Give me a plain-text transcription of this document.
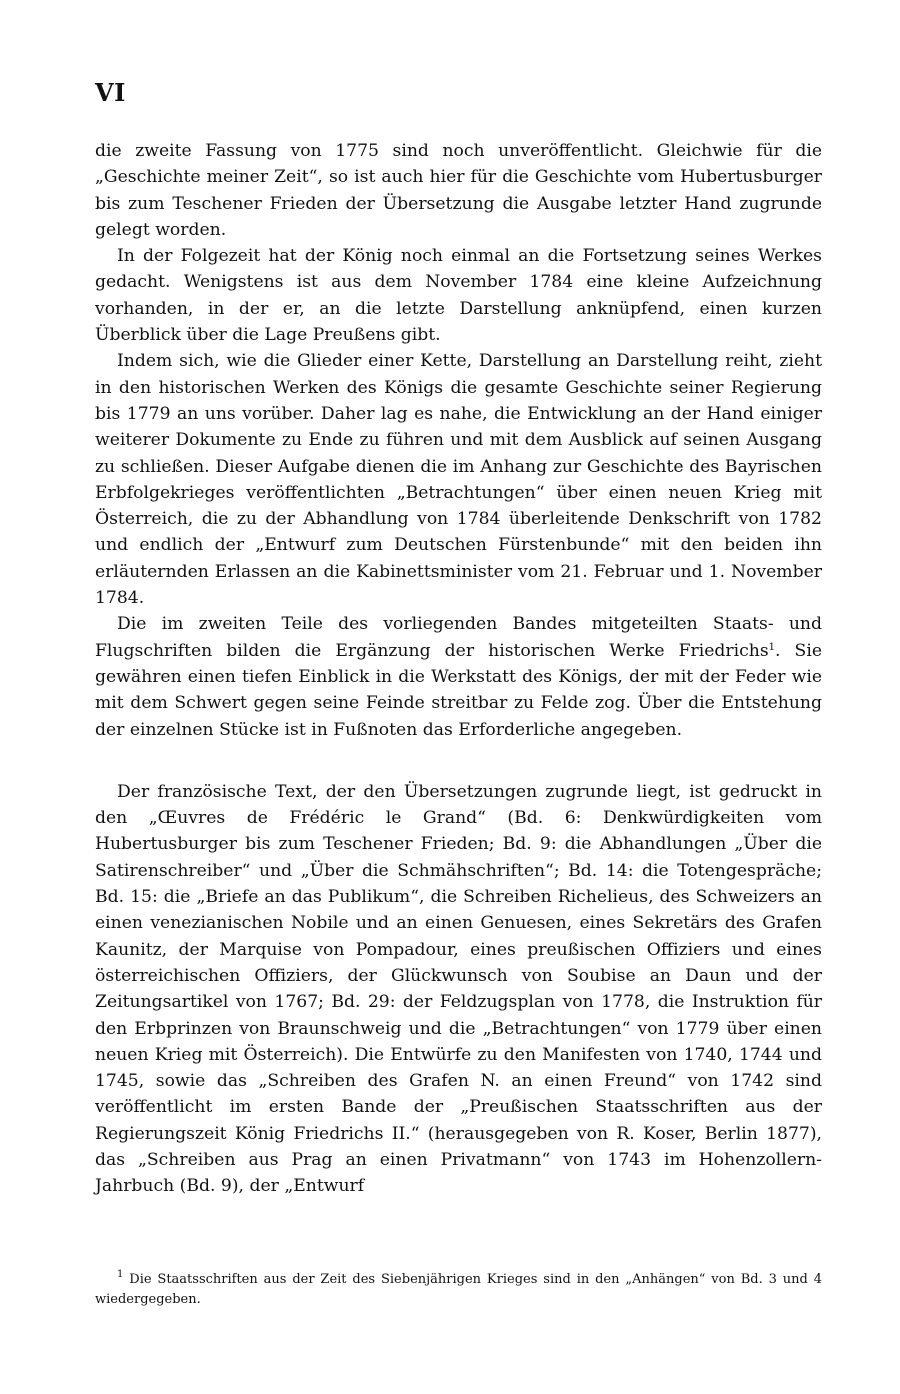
VI

die zweite Fassung von 1775 sind noch unveröffentlicht. Gleichwie für die „Geschichte meiner Zeit“, so ist auch hier für die Geschichte vom Hubertusburger bis zum Teschener Frieden der Übersetzung die Ausgabe letzter Hand zugrunde gelegt worden.

In der Folgezeit hat der König noch einmal an die Fortsetzung seines Werkes gedacht. Wenigstens ist aus dem November 1784 eine kleine Aufzeichnung vorhanden, in der er, an die letzte Darstellung anknüpfend, einen kurzen Überblick über die Lage Preußens gibt.

Indem sich, wie die Glieder einer Kette, Darstellung an Darstellung reiht, zieht in den historischen Werken des Königs die gesamte Geschichte seiner Regierung bis 1779 an uns vorüber. Daher lag es nahe, die Entwicklung an der Hand einiger weiterer Dokumente zu Ende zu führen und mit dem Ausblick auf seinen Ausgang zu schließen. Dieser Aufgabe dienen die im Anhang zur Geschichte des Bayrischen Erbfolgekrieges veröffentlichten „Betrachtungen“ über einen neuen Krieg mit Österreich, die zu der Abhandlung von 1784 überleitende Denkschrift von 1782 und endlich der „Entwurf zum Deutschen Fürstenbunde“ mit den beiden ihn erläuternden Erlassen an die Kabinettsminister vom 21. Februar und 1. November 1784.

Die im zweiten Teile des vorliegenden Bandes mitgeteilten Staats- und Flugschriften bilden die Ergänzung der historischen Werke Friedrichs$^1$. Sie gewähren einen tiefen Einblick in die Werkstatt des Königs, der mit der Feder wie mit dem Schwert gegen seine Feinde streitbar zu Felde zog. Über die Entstehung der einzelnen Stücke ist in Fußnoten das Erforderliche angegeben.

Der französische Text, der den Übersetzungen zugrunde liegt, ist gedruckt in den „Œuvres de Frédéric le Grand“ (Bd. 6: Denkwürdigkeiten vom Hubertusburger bis zum Teschener Frieden; Bd. 9: die Abhandlungen „Über die Satirenschreiber“ und „Über die Schmähschriften“; Bd. 14: die Totengespräche; Bd. 15: die „Briefe an das Publikum“, die Schreiben Richelieus, des Schweizers an einen venezianischen Nobile und an einen Genuesen, eines Sekretärs des Grafen Kaunitz, der Marquise von Pompadour, eines preußischen Offiziers und eines österreichischen Offiziers, der Glückwunsch von Soubise an Daun und der Zeitungsartikel von 1767; Bd. 29: der Feldzugsplan von 1778, die Instruktion für den Erbprinzen von Braunschweig und die „Betrachtungen“ von 1779 über einen neuen Krieg mit Österreich). Die Entwürfe zu den Manifesten von 1740, 1744 und 1745, sowie das „Schreiben des Grafen N. an einen Freund“ von 1742 sind veröffentlicht im ersten Bande der „Preußischen Staatsschriften aus der Regierungszeit König Friedrichs II.“ (herausgegeben von R. Koser, Berlin 1877), das „Schreiben aus Prag an einen Privatmann“ von 1743 im Hohenzollern-Jahrbuch (Bd. 9), der „Entwurf

$^1$ Die Staatsschriften aus der Zeit des Siebenjährigen Krieges sind in den „Anhängen“ von Bd. 3 und 4 wiedergegeben.
